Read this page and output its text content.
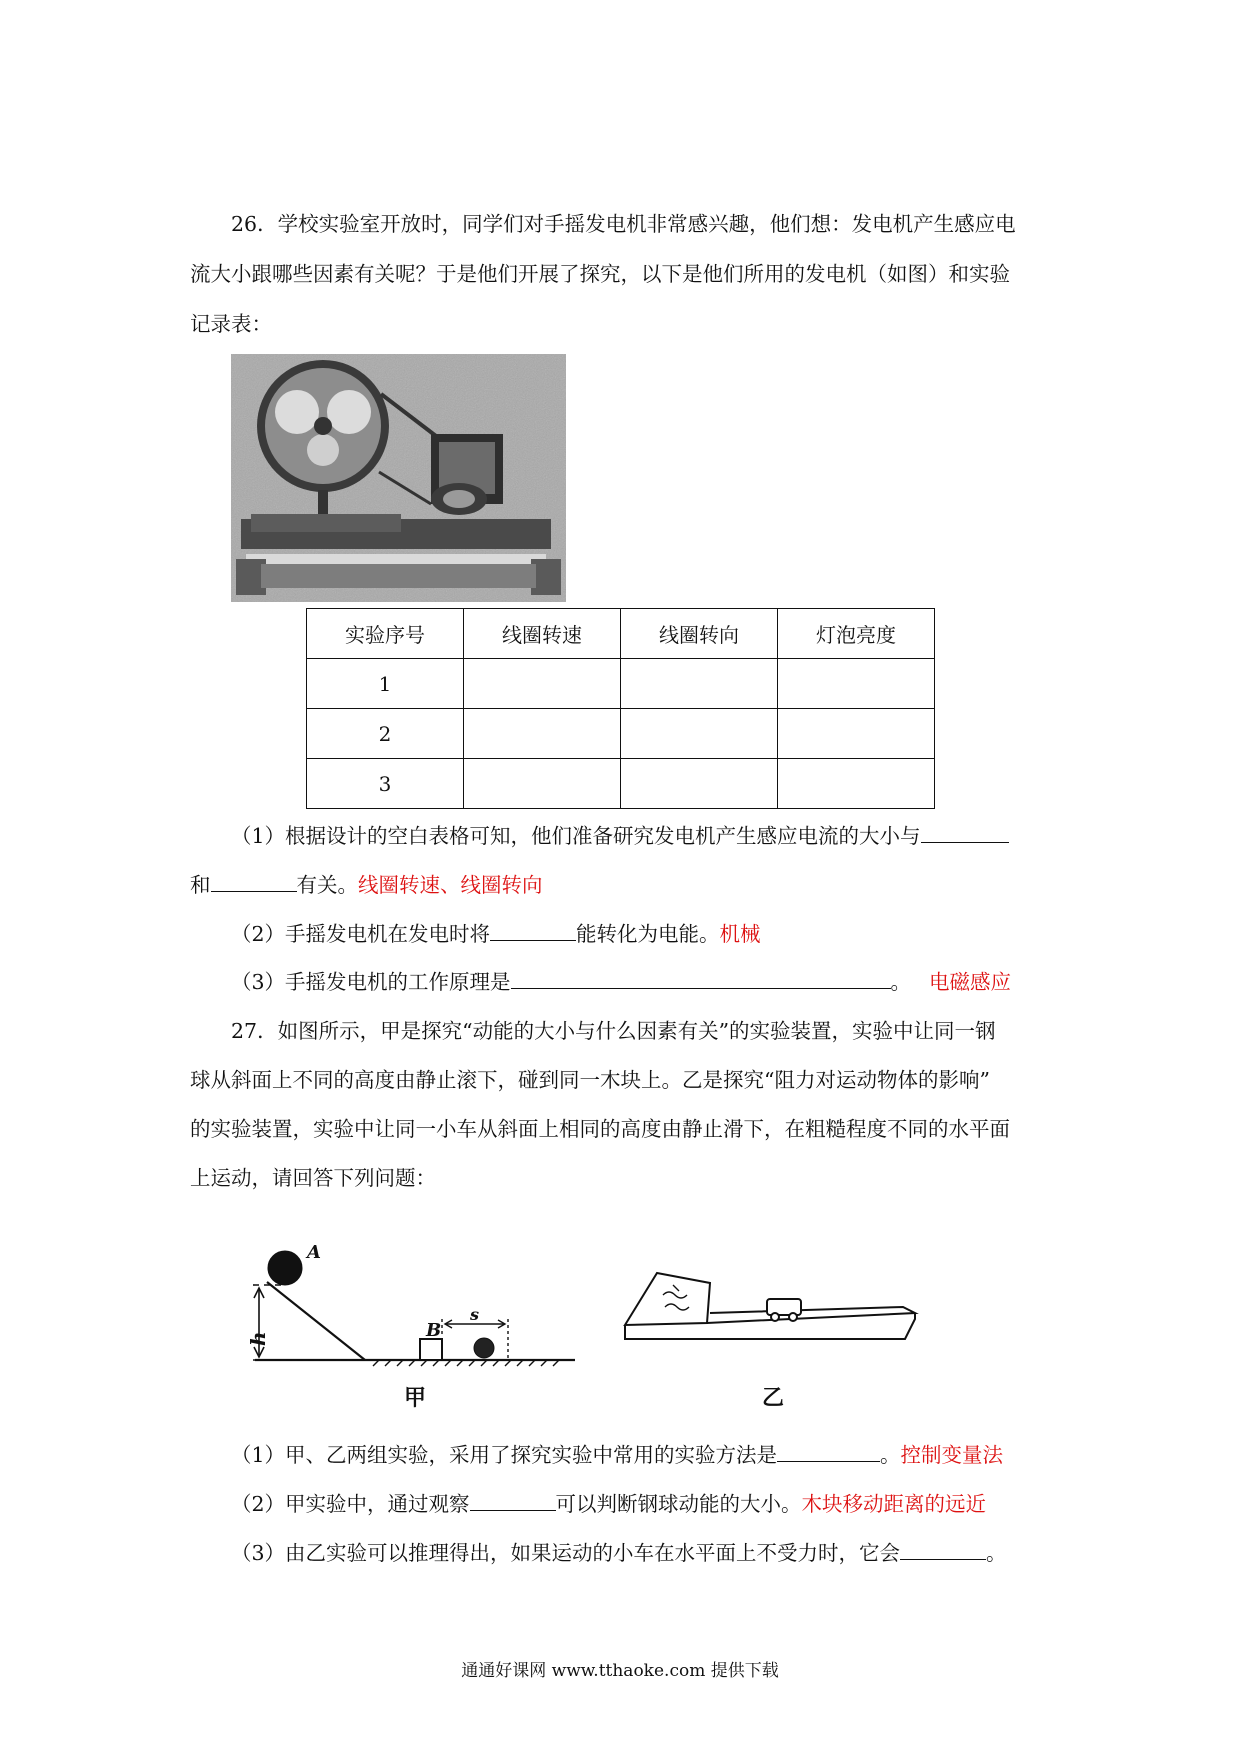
26．学校实验室开放时，同学们对手摇发电机非常感兴趣，他们想：发电机产生感应电
流大小跟哪些因素有关呢？于是他们开展了探究，以下是他们所用的发电机（如图）和实验
记录表：
实验序号	线圈转速	线圈转向	灯泡亮度
1			
2			
3			
（1）根据设计的空白表格可知，他们准备研究发电机产生感应电流的大小与
和	有关。线圈转速、线圈转向
（2）手摇发电机在发电时将	能转化为电能。机械
（3）手摇发电机的工作原理是	。 电磁感应
27．如图所示，甲是探究“动能的大小与什么因素有关”的实验装置，实验中让同一钢
球从斜面上不同的高度由静止滚下，碰到同一木块上。乙是探究“阻力对运动物体的影响”
的实验装置，实验中让同一小车从斜面上相同的高度由静止滑下，在粗糙程度不同的水平面
上运动，请回答下列问题：
A
h	B
s
甲	乙
（1）甲、乙两组实验，采用了探究实验中常用的实验方法是	。控制变量法
（2）甲实验中，通过观察	可以判断钢球动能的大小。木块移动距离的远近
（3）由乙实验可以推理得出，如果运动的小车在水平面上不受力时，它会	。
通通好课网 www.tthaoke.com 提供下载
